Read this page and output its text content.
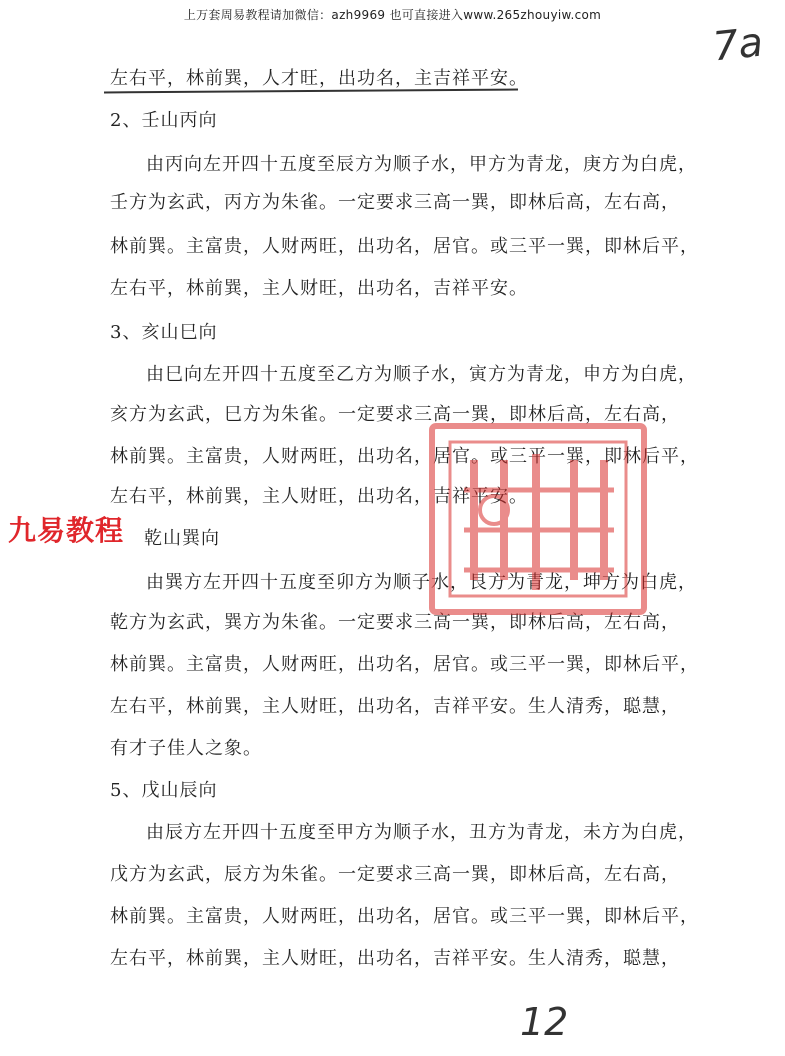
上万套周易教程请加微信：azh9969 也可直接进入www.265zhouyiw.com
7a
左右平，林前巽，人才旺，出功名，主吉祥平安。
2、壬山丙向
由丙向左开四十五度至辰方为顺子水，甲方为青龙，庚方为白虎，
壬方为玄武，丙方为朱雀。一定要求三高一巽，即林后高，左右高，
林前巽。主富贵，人财两旺，出功名，居官。或三平一巽，即林后平，
左右平，林前巽，主人财旺，出功名，吉祥平安。
3、亥山巳向
由巳向左开四十五度至乙方为顺子水，寅方为青龙，申方为白虎，
亥方为玄武，巳方为朱雀。一定要求三高一巽，即林后高，左右高，
林前巽。主富贵，人财两旺，出功名，居官。或三平一巽，即林后平，
左右平，林前巽，主人财旺，出功名，吉祥平安。
九易教程 乾山巽向
由巽方左开四十五度至卯方为顺子水，艮方为青龙，坤方为白虎，
乾方为玄武，巽方为朱雀。一定要求三高一巽，即林后高，左右高，
林前巽。主富贵，人财两旺，出功名，居官。或三平一巽，即林后平，
左右平，林前巽，主人财旺，出功名，吉祥平安。生人清秀，聪慧，
有才子佳人之象。
5、戊山辰向
由辰方左开四十五度至甲方为顺子水，丑方为青龙，未方为白虎，
戊方为玄武，辰方为朱雀。一定要求三高一巽，即林后高，左右高，
林前巽。主富贵，人财两旺，出功名，居官。或三平一巽，即林后平，
左右平，林前巽，主人财旺，出功名，吉祥平安。生人清秀，聪慧，
12
